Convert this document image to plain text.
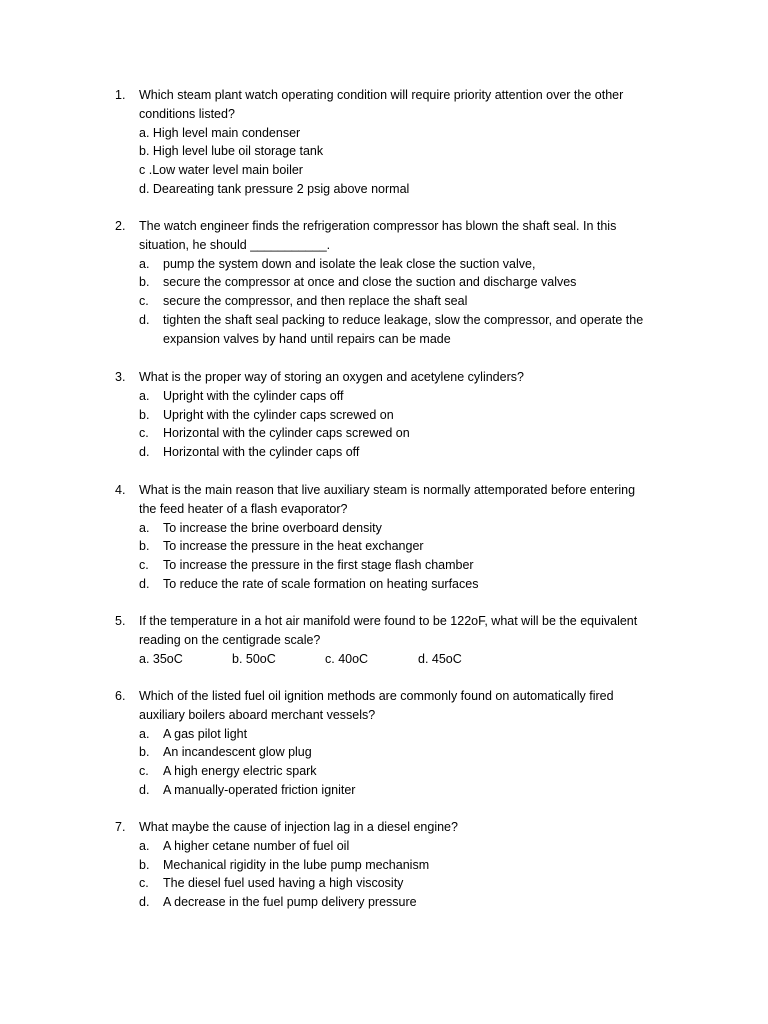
1. Which steam plant watch operating condition will require priority attention over the other
conditions listed?
a. High level main condenser
b. High level lube oil storage tank
c .Low water level main boiler
d. Deareating tank pressure 2 psig above normal
2. The watch engineer finds the refrigeration compressor has blown the shaft seal. In this
situation, he should ___________.
a. pump the system down and isolate the leak close the suction valve,
b. secure the compressor at once and close the suction and discharge valves
c. secure the compressor, and then replace the shaft seal
d. tighten the shaft seal packing to reduce leakage, slow the compressor, and operate the
expansion valves by hand until repairs can be made
3. What is the proper way of storing an oxygen and acetylene cylinders?
a. Upright with the cylinder caps off
b. Upright with the cylinder caps screwed on
c. Horizontal with the cylinder caps screwed on
d. Horizontal with the cylinder caps off
4. What is the main reason that live auxiliary steam is normally attemporated before entering
the feed heater of a flash evaporator?
a. To increase the brine overboard density
b. To increase the pressure in the heat exchanger
c. To increase the pressure in the first stage flash chamber
d. To reduce the rate of scale formation on heating surfaces
5. If the temperature in a hot air manifold were found to be 122oF, what will be the equivalent
reading on the centigrade scale?
a. 35oC	b. 50oC	c. 40oC	d. 45oC
6. Which of the listed fuel oil ignition methods are commonly found on automatically fired
auxiliary boilers aboard merchant vessels?
a. A gas pilot light
b. An incandescent glow plug
c. A high energy electric spark
d. A manually-operated friction igniter
7. What maybe the cause of injection lag in a diesel engine?
a. A higher cetane number of fuel oil
b. Mechanical rigidity in the lube pump mechanism
c. The diesel fuel used having a high viscosity
d. A decrease in the fuel pump delivery pressure
